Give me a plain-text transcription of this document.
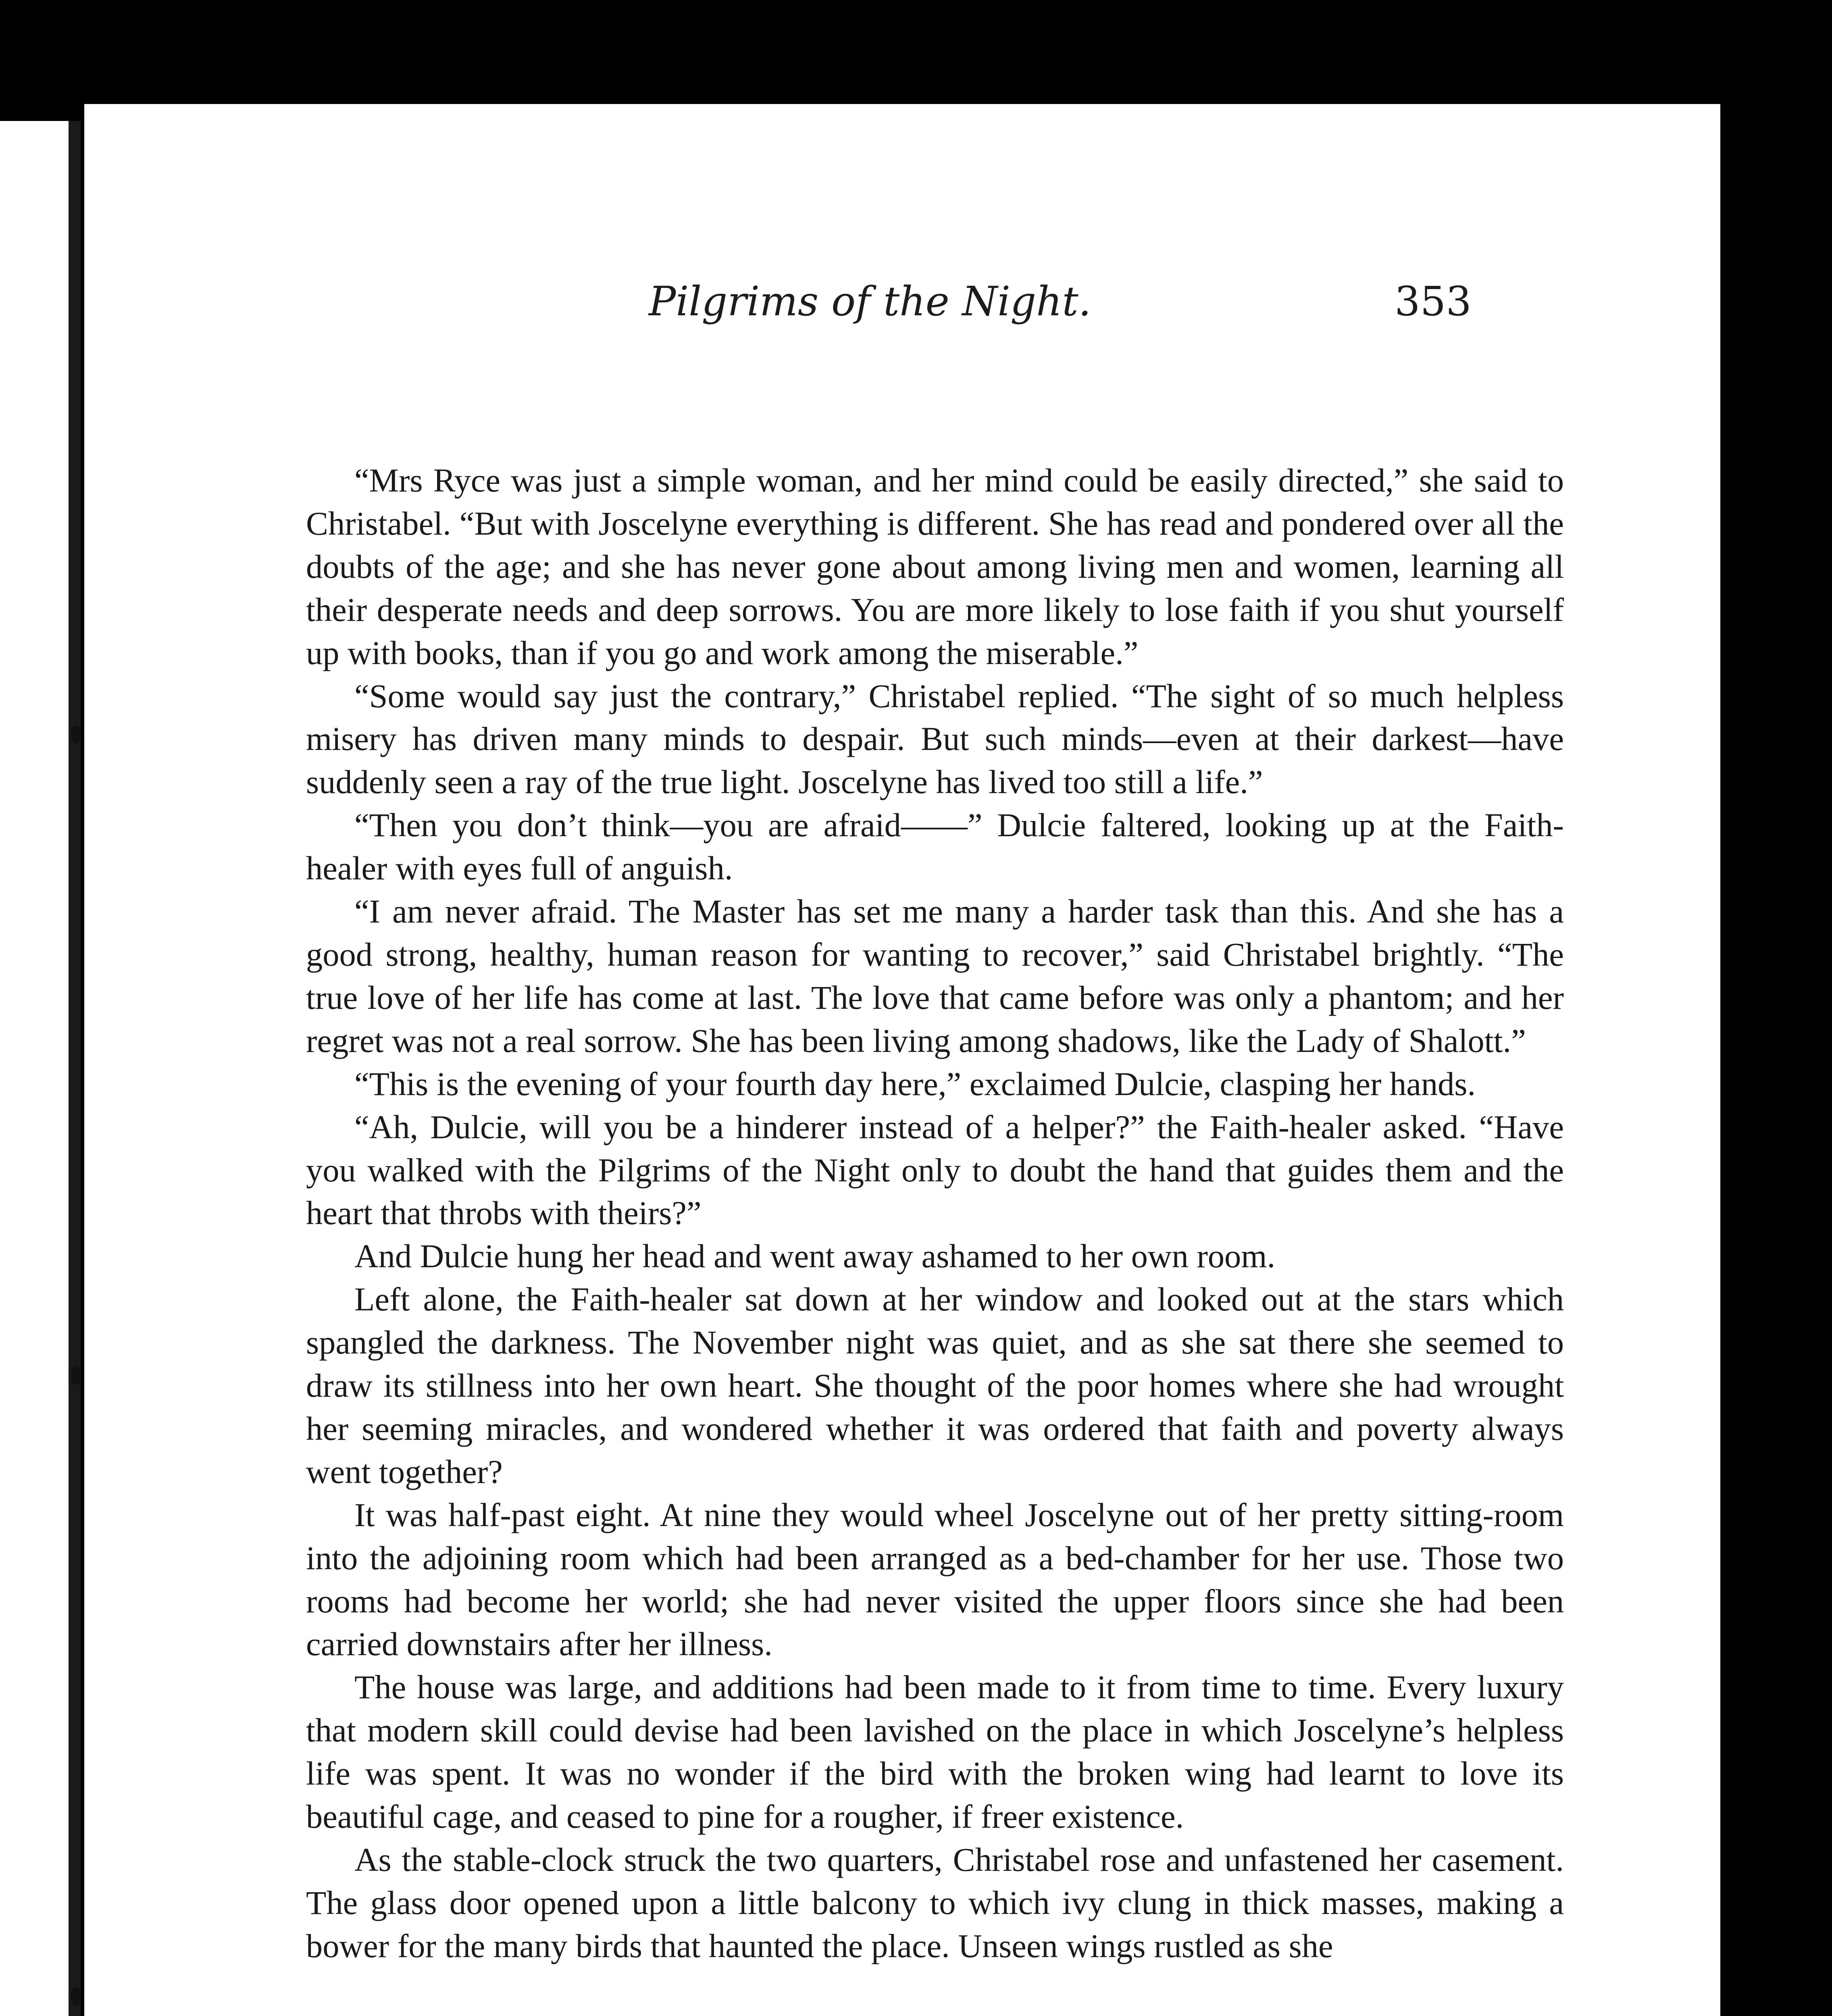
Pilgrims of the Night.	353

“Mrs Ryce was just a simple woman, and her mind could be easily directed,” she said to Christabel. “But with Joscelyne everything is different. She has read and pondered over all the doubts of the age; and she has never gone about among living men and women, learning all their desperate needs and deep sorrows. You are more likely to lose faith if you shut yourself up with books, than if you go and work among the miserable.”

“Some would say just the contrary,” Christabel replied. “The sight of so much helpless misery has driven many minds to despair. But such minds—even at their darkest—have suddenly seen a ray of the true light. Joscelyne has lived too still a life.”

“Then you don’t think—you are afraid——” Dulcie faltered, looking up at the Faith-healer with eyes full of anguish.

“I am never afraid. The Master has set me many a harder task than this. And she has a good strong, healthy, human reason for wanting to recover,” said Christabel brightly. “The true love of her life has come at last. The love that came before was only a phantom; and her regret was not a real sorrow. She has been living among shadows, like the Lady of Shalott.”

“This is the evening of your fourth day here,” exclaimed Dulcie, clasping her hands.

“Ah, Dulcie, will you be a hinderer instead of a helper?” the Faith-healer asked. “Have you walked with the Pilgrims of the Night only to doubt the hand that guides them and the heart that throbs with theirs?”

And Dulcie hung her head and went away ashamed to her own room.

Left alone, the Faith-healer sat down at her window and looked out at the stars which spangled the darkness. The November night was quiet, and as she sat there she seemed to draw its stillness into her own heart. She thought of the poor homes where she had wrought her seeming miracles, and wondered whether it was ordered that faith and poverty always went together?

It was half-past eight. At nine they would wheel Joscelyne out of her pretty sitting-room into the adjoining room which had been arranged as a bed-chamber for her use. Those two rooms had become her world; she had never visited the upper floors since she had been carried downstairs after her illness.

The house was large, and additions had been made to it from time to time. Every luxury that modern skill could devise had been lavished on the place in which Joscelyne’s helpless life was spent. It was no wonder if the bird with the broken wing had learnt to love its beautiful cage, and ceased to pine for a rougher, if freer existence.

As the stable-clock struck the two quarters, Christabel rose and unfastened her casement. The glass door opened upon a little balcony to which ivy clung in thick masses, making a bower for the many birds that haunted the place. Unseen wings rustled as she
